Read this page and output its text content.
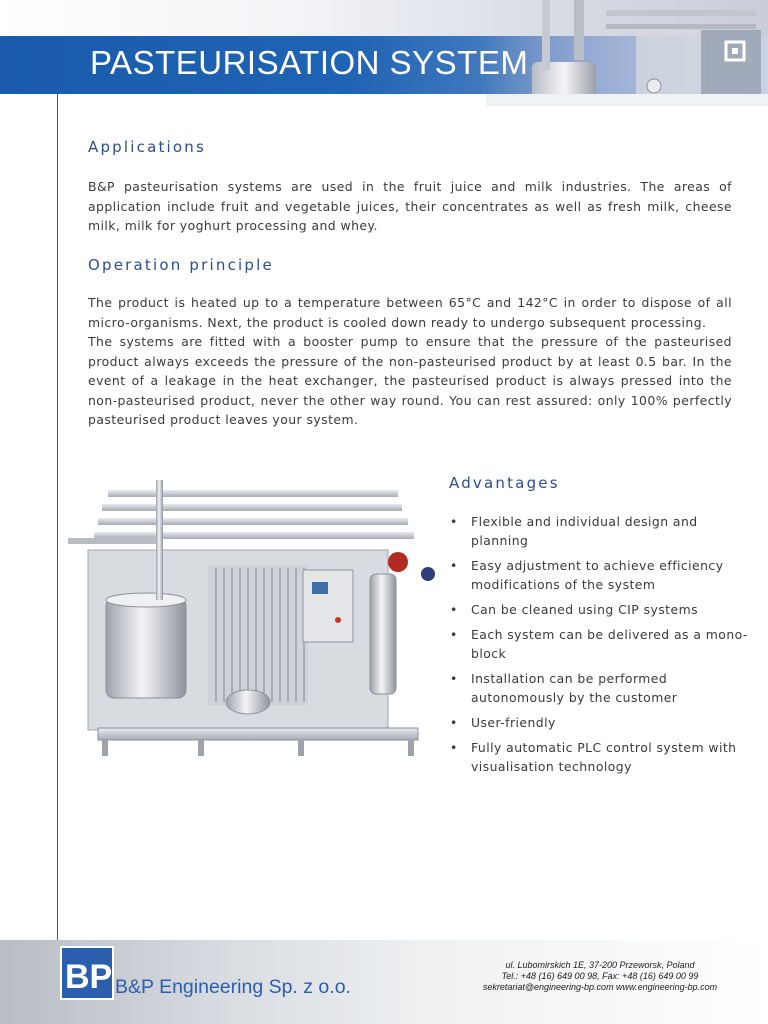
PASTEURISATION SYSTEM
Applications

B&P pasteurisation systems are used in the fruit juice and milk industries. The areas of application include fruit and vegetable juices, their concentrates as well as fresh milk, cheese milk, milk for yoghurt processing and whey.

Operation principle

The product is heated up to a temperature between 65°C and 142°C in order to dispose of all micro-organisms. Next, the product is cooled down ready to undergo subsequent processing.

The systems are fitted with a booster pump to ensure that the pressure of the pasteurised product always exceeds the pressure of the non-pasteurised product by at least 0.5 bar. In the event of a leakage in the heat exchanger, the pasteurised product is always pressed into the non-pasteurised product, never the other way round. You can rest assured: only 100% perfectly pasteurised product leaves your system.

Advantages
• Flexible and individual design and planning
• Easy adjustment to achieve efficiency modifications of the system
• Can be cleaned using CIP systems
• Each system can be delivered as a mono-block
• Installation can be performed autonomously by the customer
• User-friendly
• Fully automatic PLC control system with visualisation technology
BP B&P Engineering Sp. z o.o.
ul. Lubomirskich 1E, 37-200 Przeworsk, Poland
Tel.: +48 (16) 649 00 98, Fax: +48 (16) 649 00 99
sekretariat@engineering-bp.com www.engineering-bp.com
